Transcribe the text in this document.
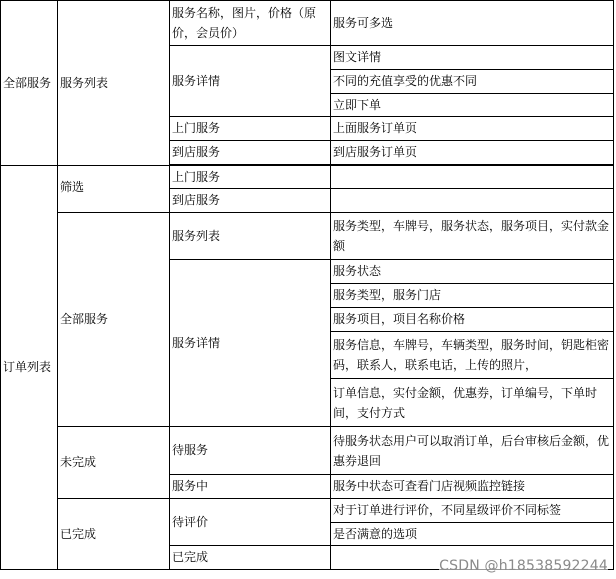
全部服务	服务列表	服务名称，图片，价格（原价，会员价）	服务可多选
		服务详情	图文详情
			不同的充值享受的优惠不同
			立即下单
		上门服务	上面服务订单页
		到店服务	到店服务订单页

订单列表	筛选	上门服务	
		到店服务	
	全部服务	服务列表	服务类型，车牌号，服务状态，服务项目，实付款金额
		服务详情	服务状态
			服务类型，服务门店
			服务项目，项目名称价格
			服务信息，车牌号，车辆类型，服务时间，钥匙柜密码，联系人，联系电话，上传的照片，
			订单信息，实付金额，优惠券，订单编号，下单时间，支付方式
	未完成	待服务	待服务状态用户可以取消订单，后台审核后金额，优惠券退回
		服务中	服务中状态可查看门店视频监控链接
	已完成	待评价	对于订单进行评价，不同星级评价不同标签
			是否满意的选项
		已完成	
CSDN @h18538592244
